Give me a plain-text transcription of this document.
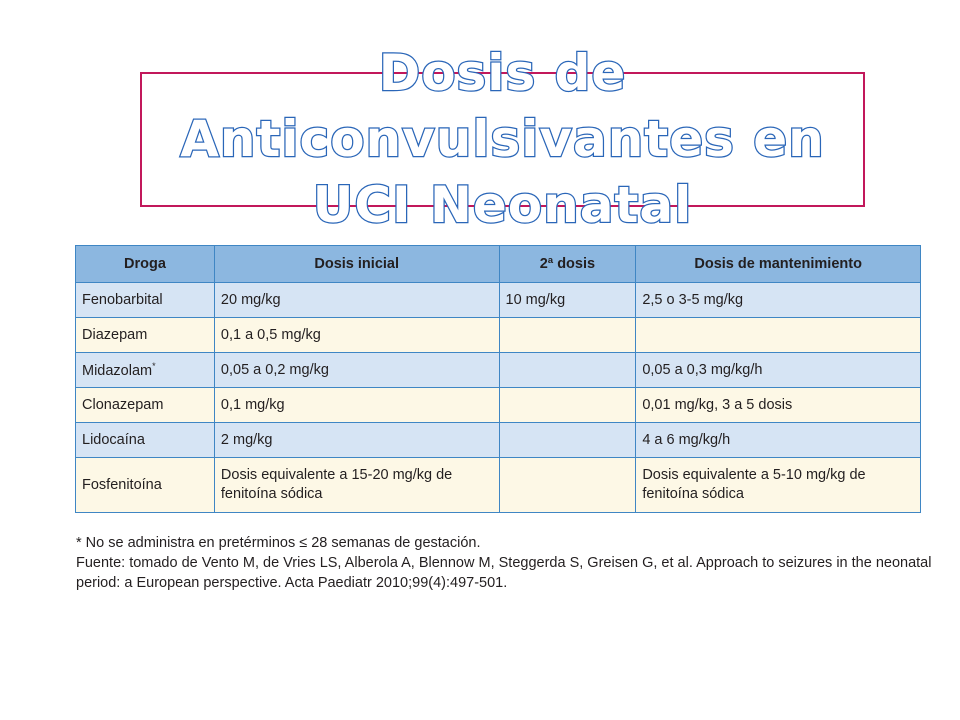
Dosis de Anticonvulsivantes en UCI Neonatal
Droga	Dosis inicial	2ª dosis	Dosis de mantenimiento
Fenobarbital	20 mg/kg	10 mg/kg	2,5 o 3-5 mg/kg
Diazepam	0,1 a 0,5 mg/kg		
Midazolam*	0,05 a 0,2 mg/kg		0,05 a 0,3 mg/kg/h
Clonazepam	0,1 mg/kg		0,01 mg/kg, 3 a 5 dosis
Lidocaína	2 mg/kg		4 a 6 mg/kg/h
Fosfenitoína	Dosis equivalente a 15-20 mg/kg de fenitoína sódica		Dosis equivalente a 5-10 mg/kg de fenitoína sódica

* No se administra en pretérminos ≤ 28 semanas de gestación.

Fuente: tomado de Vento M, de Vries LS, Alberola A, Blennow M, Steggerda S, Greisen G, et al. Approach to seizures in the neonatal period: a European perspective. Acta Paediatr 2010;99(4):497-501.
